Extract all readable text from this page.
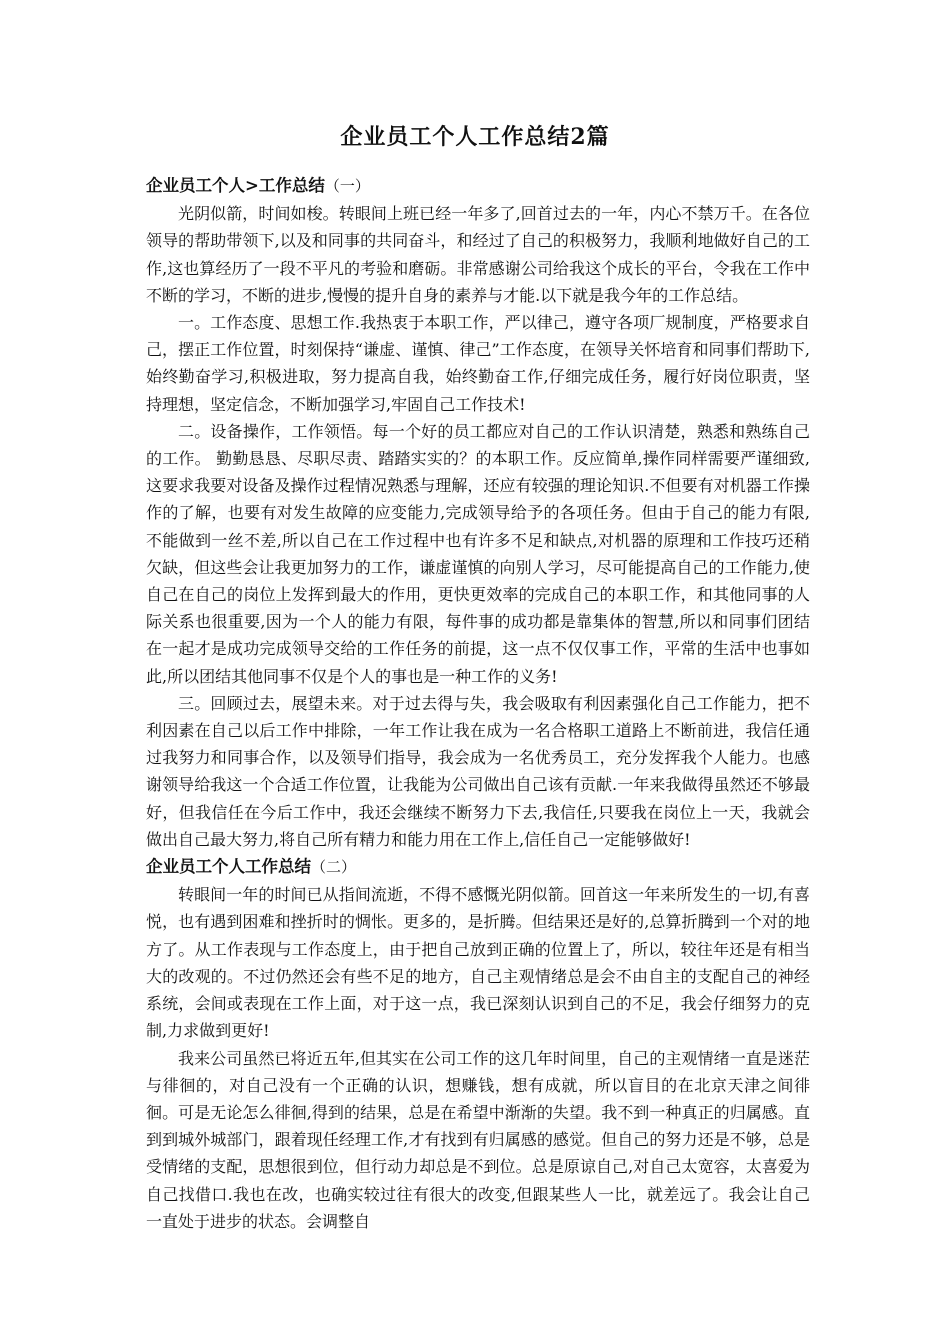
企业员工个人工作总结2篇

企业员工个人>工作总结（一）

光阴似箭，时间如梭。转眼间上班已经一年多了,回首过去的一年，内心不禁万千。在各位领导的帮助带领下,以及和同事的共同奋斗，和经过了自己的积极努力，我顺利地做好自己的工作,这也算经历了一段不平凡的考验和磨砺。非常感谢公司给我这个成长的平台，令我在工作中不断的学习，不断的进步,慢慢的提升自身的素养与才能.以下就是我今年的工作总结。

一。工作态度、思想工作.我热衷于本职工作，严以律己，遵守各项厂规制度，严格要求自己，摆正工作位置，时刻保持“谦虚、谨慎、律己”工作态度，在领导关怀培育和同事们帮助下,始终勤奋学习,积极进取，努力提高自我，始终勤奋工作,仔细完成任务，履行好岗位职责，坚持理想，坚定信念，不断加强学习,牢固自己工作技术!

二。设备操作，工作领悟。每一个好的员工都应对自己的工作认识清楚，熟悉和熟练自己的工作。 勤勤恳恳、尽职尽责、踏踏实实的？的本职工作。反应简单,操作同样需要严谨细致,这要求我要对设备及操作过程情况熟悉与理解，还应有较强的理论知识.不但要有对机器工作操作的了解，也要有对发生故障的应变能力,完成领导给予的各项任务。但由于自己的能力有限,不能做到一丝不差,所以自己在工作过程中也有许多不足和缺点,对机器的原理和工作技巧还稍欠缺，但这些会让我更加努力的工作，谦虚谨慎的向别人学习，尽可能提高自己的工作能力,使自己在自己的岗位上发挥到最大的作用，更快更效率的完成自己的本职工作，和其他同事的人际关系也很重要,因为一个人的能力有限，每件事的成功都是靠集体的智慧,所以和同事们团结在一起才是成功完成领导交给的工作任务的前提，这一点不仅仅事工作，平常的生活中也事如此,所以团结其他同事不仅是个人的事也是一种工作的义务!

三。回顾过去，展望未来。对于过去得与失，我会吸取有利因素强化自己工作能力，把不利因素在自己以后工作中排除，一年工作让我在成为一名合格职工道路上不断前进，我信任通过我努力和同事合作，以及领导们指导，我会成为一名优秀员工，充分发挥我个人能力。也感谢领导给我这一个合适工作位置，让我能为公司做出自己该有贡献.一年来我做得虽然还不够最好，但我信任在今后工作中，我还会继续不断努力下去,我信任,只要我在岗位上一天，我就会做出自己最大努力,将自己所有精力和能力用在工作上,信任自己一定能够做好!

企业员工个人工作总结（二）

转眼间一年的时间已从指间流逝，不得不感慨光阴似箭。回首这一年来所发生的一切,有喜悦，也有遇到困难和挫折时的惆怅。更多的，是折腾。但结果还是好的,总算折腾到一个对的地方了。从工作表现与工作态度上，由于把自己放到正确的位置上了，所以，较往年还是有相当大的改观的。不过仍然还会有些不足的地方，自己主观情绪总是会不由自主的支配自己的神经系统，会间或表现在工作上面，对于这一点，我已深刻认识到自己的不足，我会仔细努力的克制,力求做到更好!

我来公司虽然已将近五年,但其实在公司工作的这几年时间里，自己的主观情绪一直是迷茫与徘徊的，对自己没有一个正确的认识，想赚钱，想有成就，所以盲目的在北京天津之间徘徊。可是无论怎么徘徊,得到的结果，总是在希望中渐渐的失望。我不到一种真正的归属感。直到到城外城部门，跟着现任经理工作,才有找到有归属感的感觉。但自己的努力还是不够，总是受情绪的支配，思想很到位，但行动力却总是不到位。总是原谅自己,对自己太宽容，太喜爱为自己找借口.我也在改，也确实较过往有很大的改变,但跟某些人一比，就差远了。我会让自己一直处于进步的状态。会调整自
